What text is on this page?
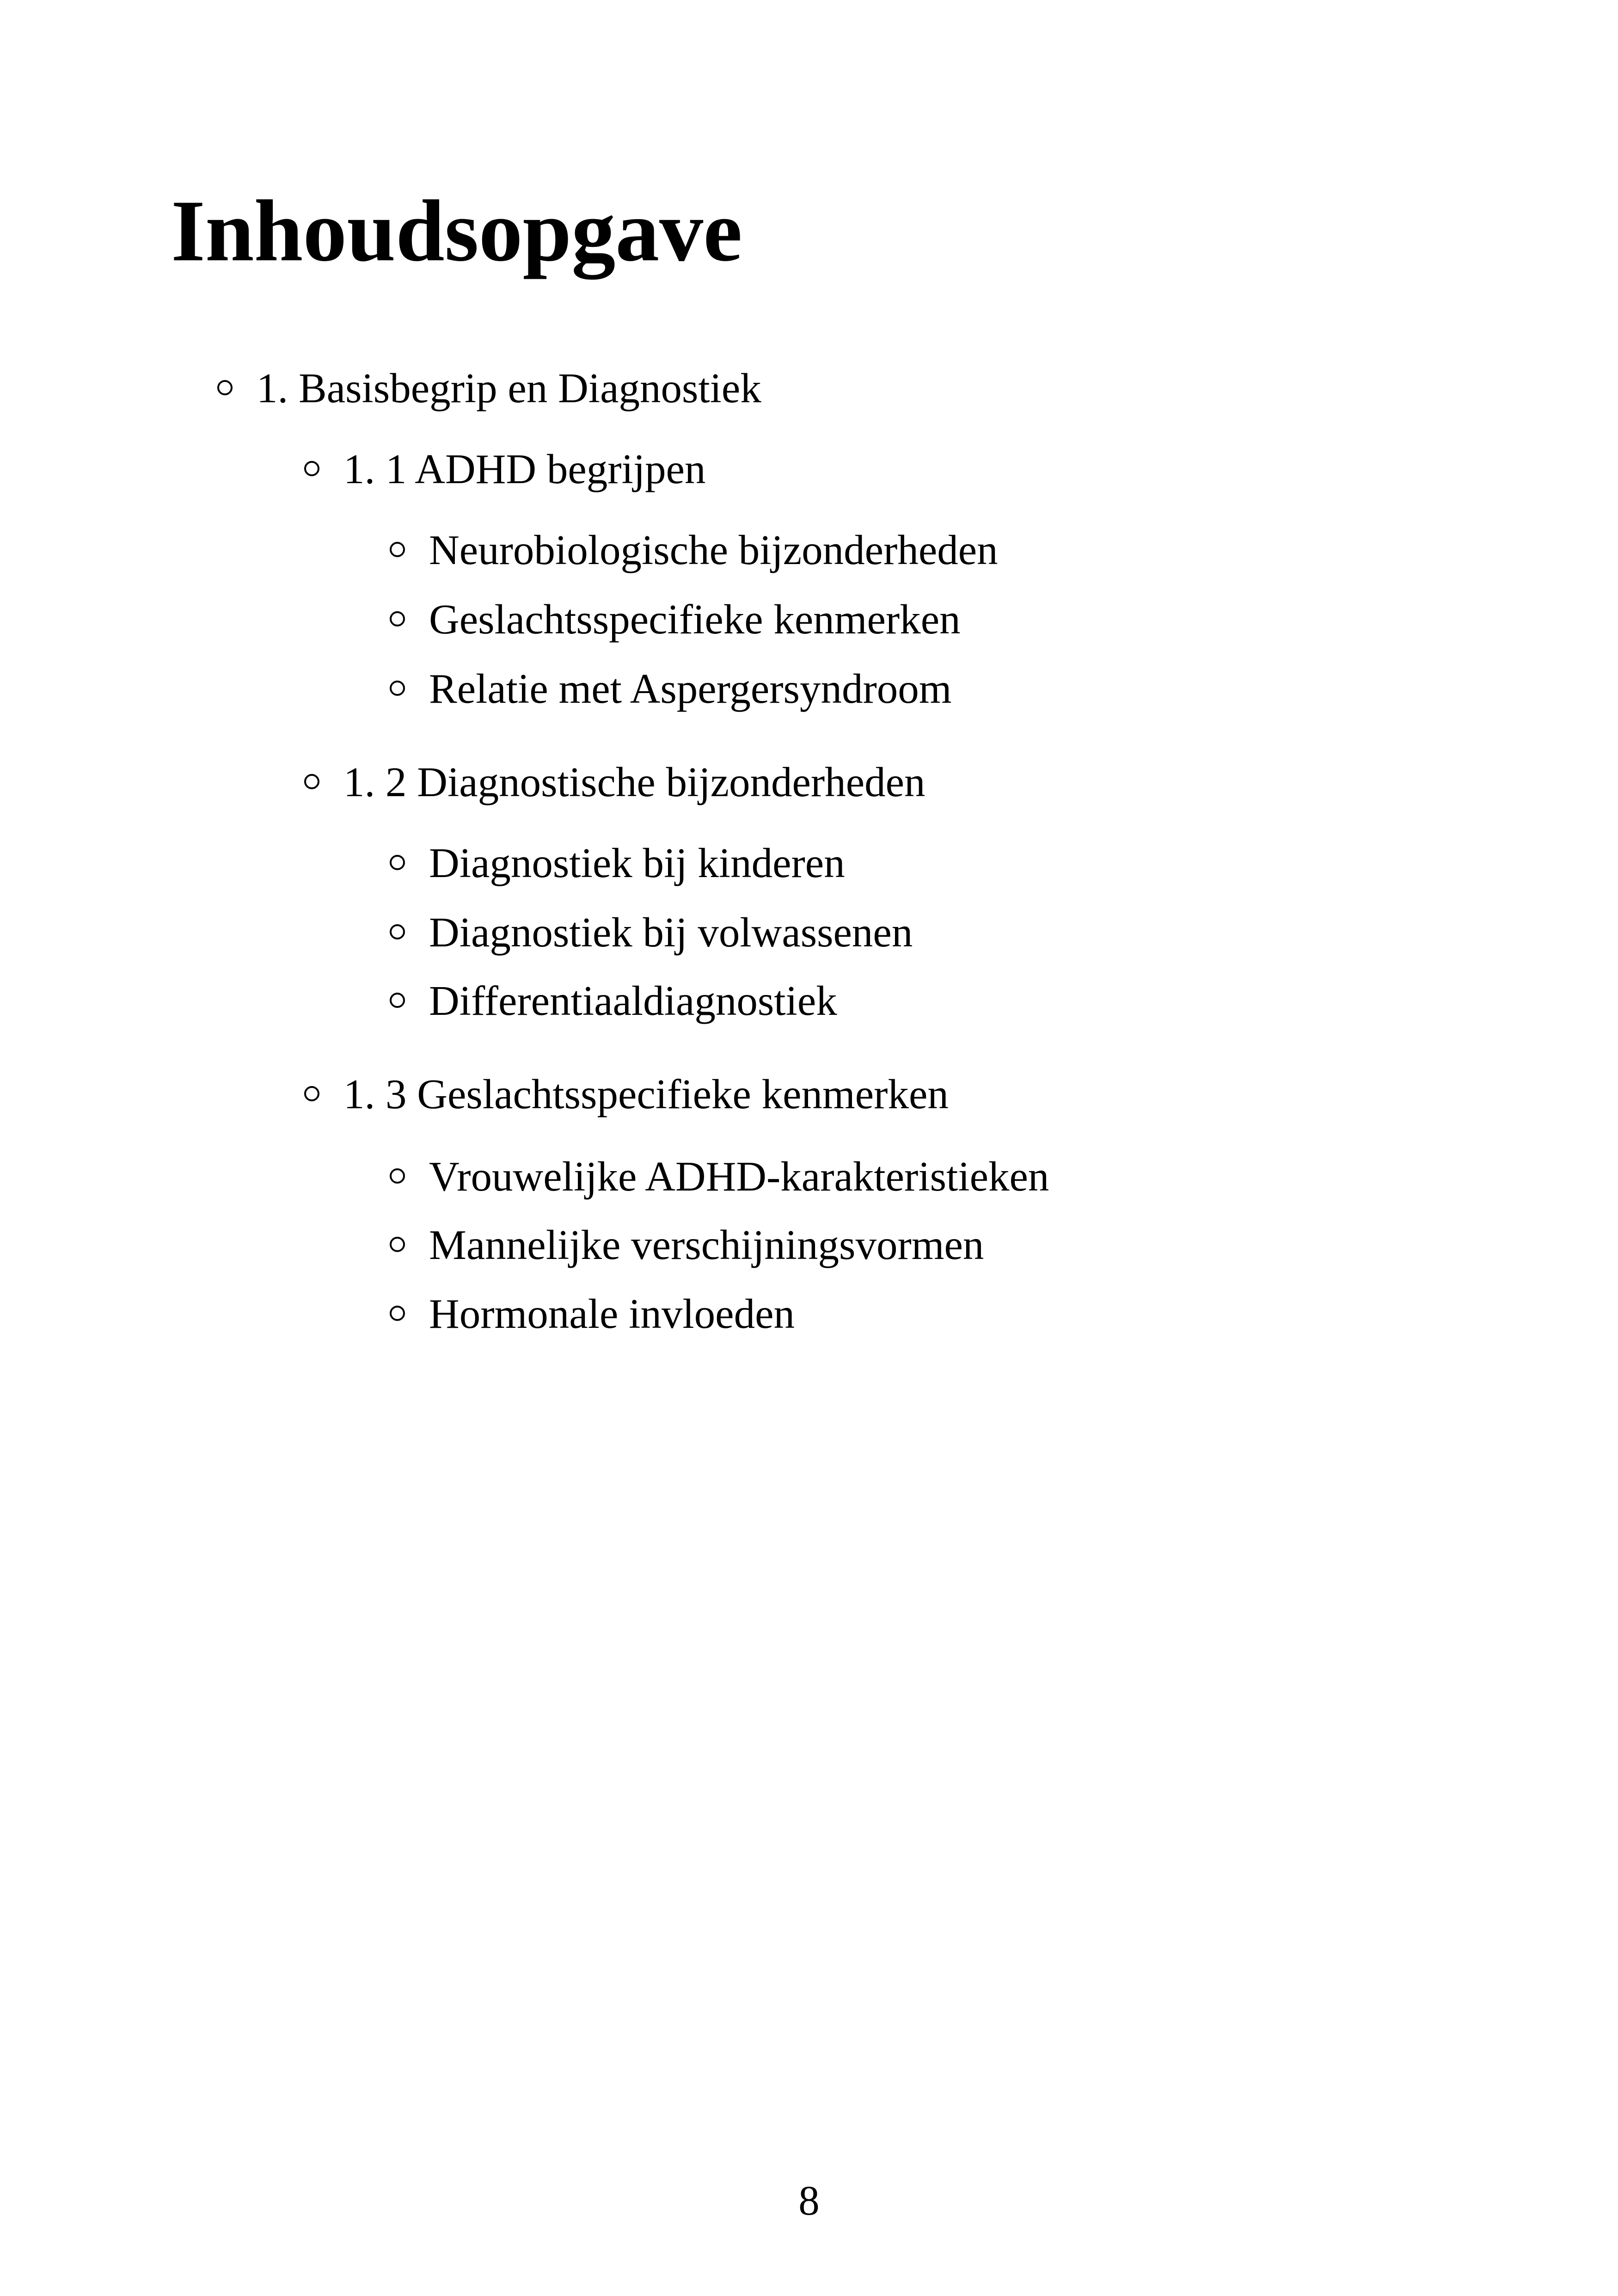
Inhoudsopgave
1. Basisbegrip en Diagnostiek
1. 1 ADHD begrijpen
Neurobiologische bijzonderheden
Geslachtsspecifieke kenmerken
Relatie met Aspergersyndroom
1. 2 Diagnostische bijzonderheden
Diagnostiek bij kinderen
Diagnostiek bij volwassenen
Differentiaaldiagnostiek
1. 3 Geslachtsspecifieke kenmerken
Vrouwelijke ADHD-karakteristieken
Mannelijke verschijningsvormen
Hormonale invloeden
8
